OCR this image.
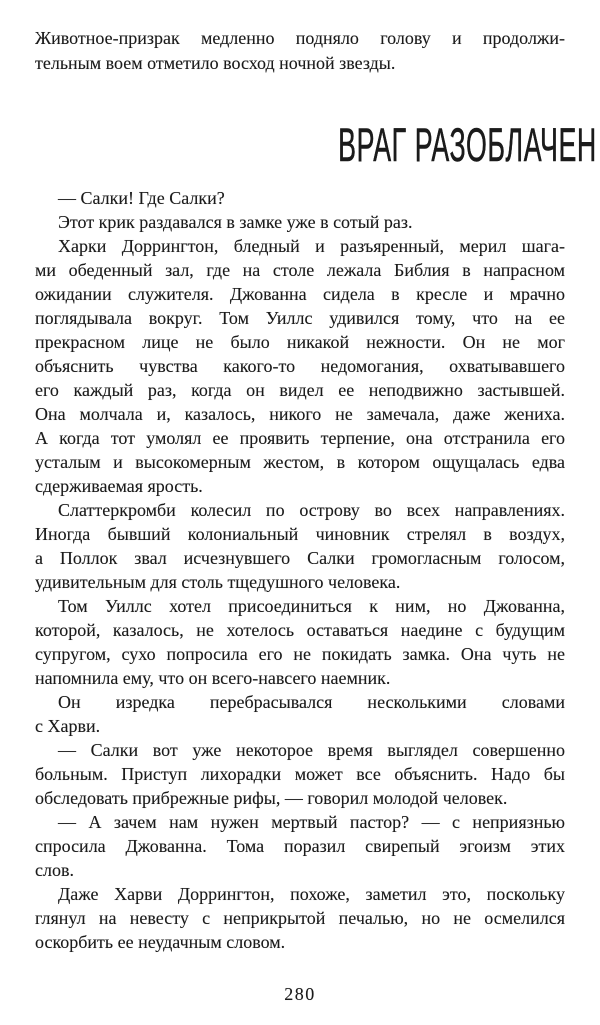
Животное-призрак медленно подняло голову и продолжи-
тельным воем отметило восход ночной звезды.
ВРАГ РАЗОБЛАЧЕН
— Салки! Где Салки?
Этот крик раздавался в замке уже в сотый раз.
Харки Доррингтон, бледный и разъяренный, мерил шага-
ми обеденный зал, где на столе лежала Библия в напрасном
ожидании служителя. Джованна сидела в кресле и мрачно
поглядывала вокруг. Том Уиллс удивился тому, что на ее
прекрасном лице не было никакой нежности. Он не мог
объяснить чувства какого-то недомогания, охватывавшего
его каждый раз, когда он видел ее неподвижно застывшей.
Она молчала и, казалось, никого не замечала, даже жениха.
А когда тот умолял ее проявить терпение, она отстранила его
усталым и высокомерным жестом, в котором ощущалась едва
сдерживаемая ярость.
Слаттеркромби колесил по острову во всех направлениях.
Иногда бывший колониальный чиновник стрелял в воздух,
а Поллок звал исчезнувшего Салки громогласным голосом,
удивительным для столь тщедушного человека.
Том Уиллс хотел присоединиться к ним, но Джованна,
которой, казалось, не хотелось оставаться наедине с будущим
супругом, сухо попросила его не покидать замка. Она чуть не
напомнила ему, что он всего-навсего наемник.
Он изредка перебрасывался несколькими словами
с Харви.
— Салки вот уже некоторое время выглядел совершенно
больным. Приступ лихорадки может все объяснить. Надо бы
обследовать прибрежные рифы, — говорил молодой человек.
— А зачем нам нужен мертвый пастор? — с неприязнью
спросила Джованна. Тома поразил свирепый эгоизм этих
слов.
Даже Харви Доррингтон, похоже, заметил это, поскольку
глянул на невесту с неприкрытой печалью, но не осмелился
оскорбить ее неудачным словом.
280
